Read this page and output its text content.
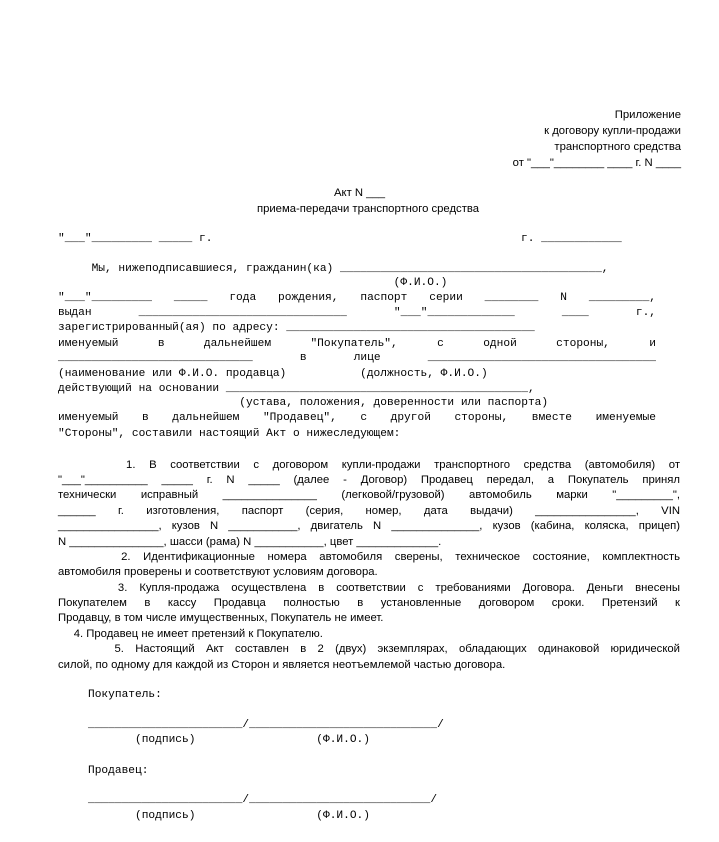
Приложение
к договору купли-продажи
транспортного средства
от "___"________ ____ г. N ____
Акт N ___
приема-передачи транспортного средства
"___"_________ _____ г.	г. ____________
Мы, нижеподписавшиеся, гражданин(ка) _______________________________________,
(Ф.И.О.)
"___"_________ _____ года рождения, паспорт серии ________ N _________,
выдан _______________________________ "___"_____________ ____ г.,
зарегистрированный(ая) по адресу: _____________________________________
именуемый в дальнейшем "Покупатель", с одной стороны, и
_____________________________ в лице __________________________________
(наименование или Ф.И.О. продавца)           (должность, Ф.И.О.)
действующий на основании _____________________________________________,
(устава, положения, доверенности или паспорта)
именуемый в дальнейшем "Продавец", с другой стороны, вместе именуемые
"Стороны", составили настоящий Акт о нижеследующем:
1. В соответствии с договором купли-продажи транспортного средства (автомобиля) от
"___"__________ _____ г. N _____ (далее - Договор) Продавец передал, а Покупатель принял
технически исправный _______________ (легковой/грузовой) автомобиль марки "_________",
______ г. изготовления, паспорт (серия, номер, дата выдачи) ________________, VIN
________________, кузов N ___________, двигатель N ______________, кузов (кабина, коляска, прицеп)
N _______________, шасси (рама) N ___________, цвет _____________.
2. Идентификационные номера автомобиля сверены, техническое состояние, комплектность
автомобиля проверены и соответствуют условиям договора.
3. Купля-продажа осуществлена в соответствии с требованиями Договора. Деньги внесены
Покупателем в кассу Продавца полностью в установленные договором сроки. Претензий к
Продавцу, в том числе имущественных, Покупатель не имеет.
4. Продавец не имеет претензий к Покупателю.
5. Настоящий Акт составлен в 2 (двух) экземплярах, обладающих одинаковой юридической
силой, по одному для каждой из Сторон и является неотъемлемой частью договора.
Покупатель:
_______________________/____________________________/
(подпись)                  (Ф.И.О.)
Продавец:
_______________________/___________________________/
(подпись)                  (Ф.И.О.)
